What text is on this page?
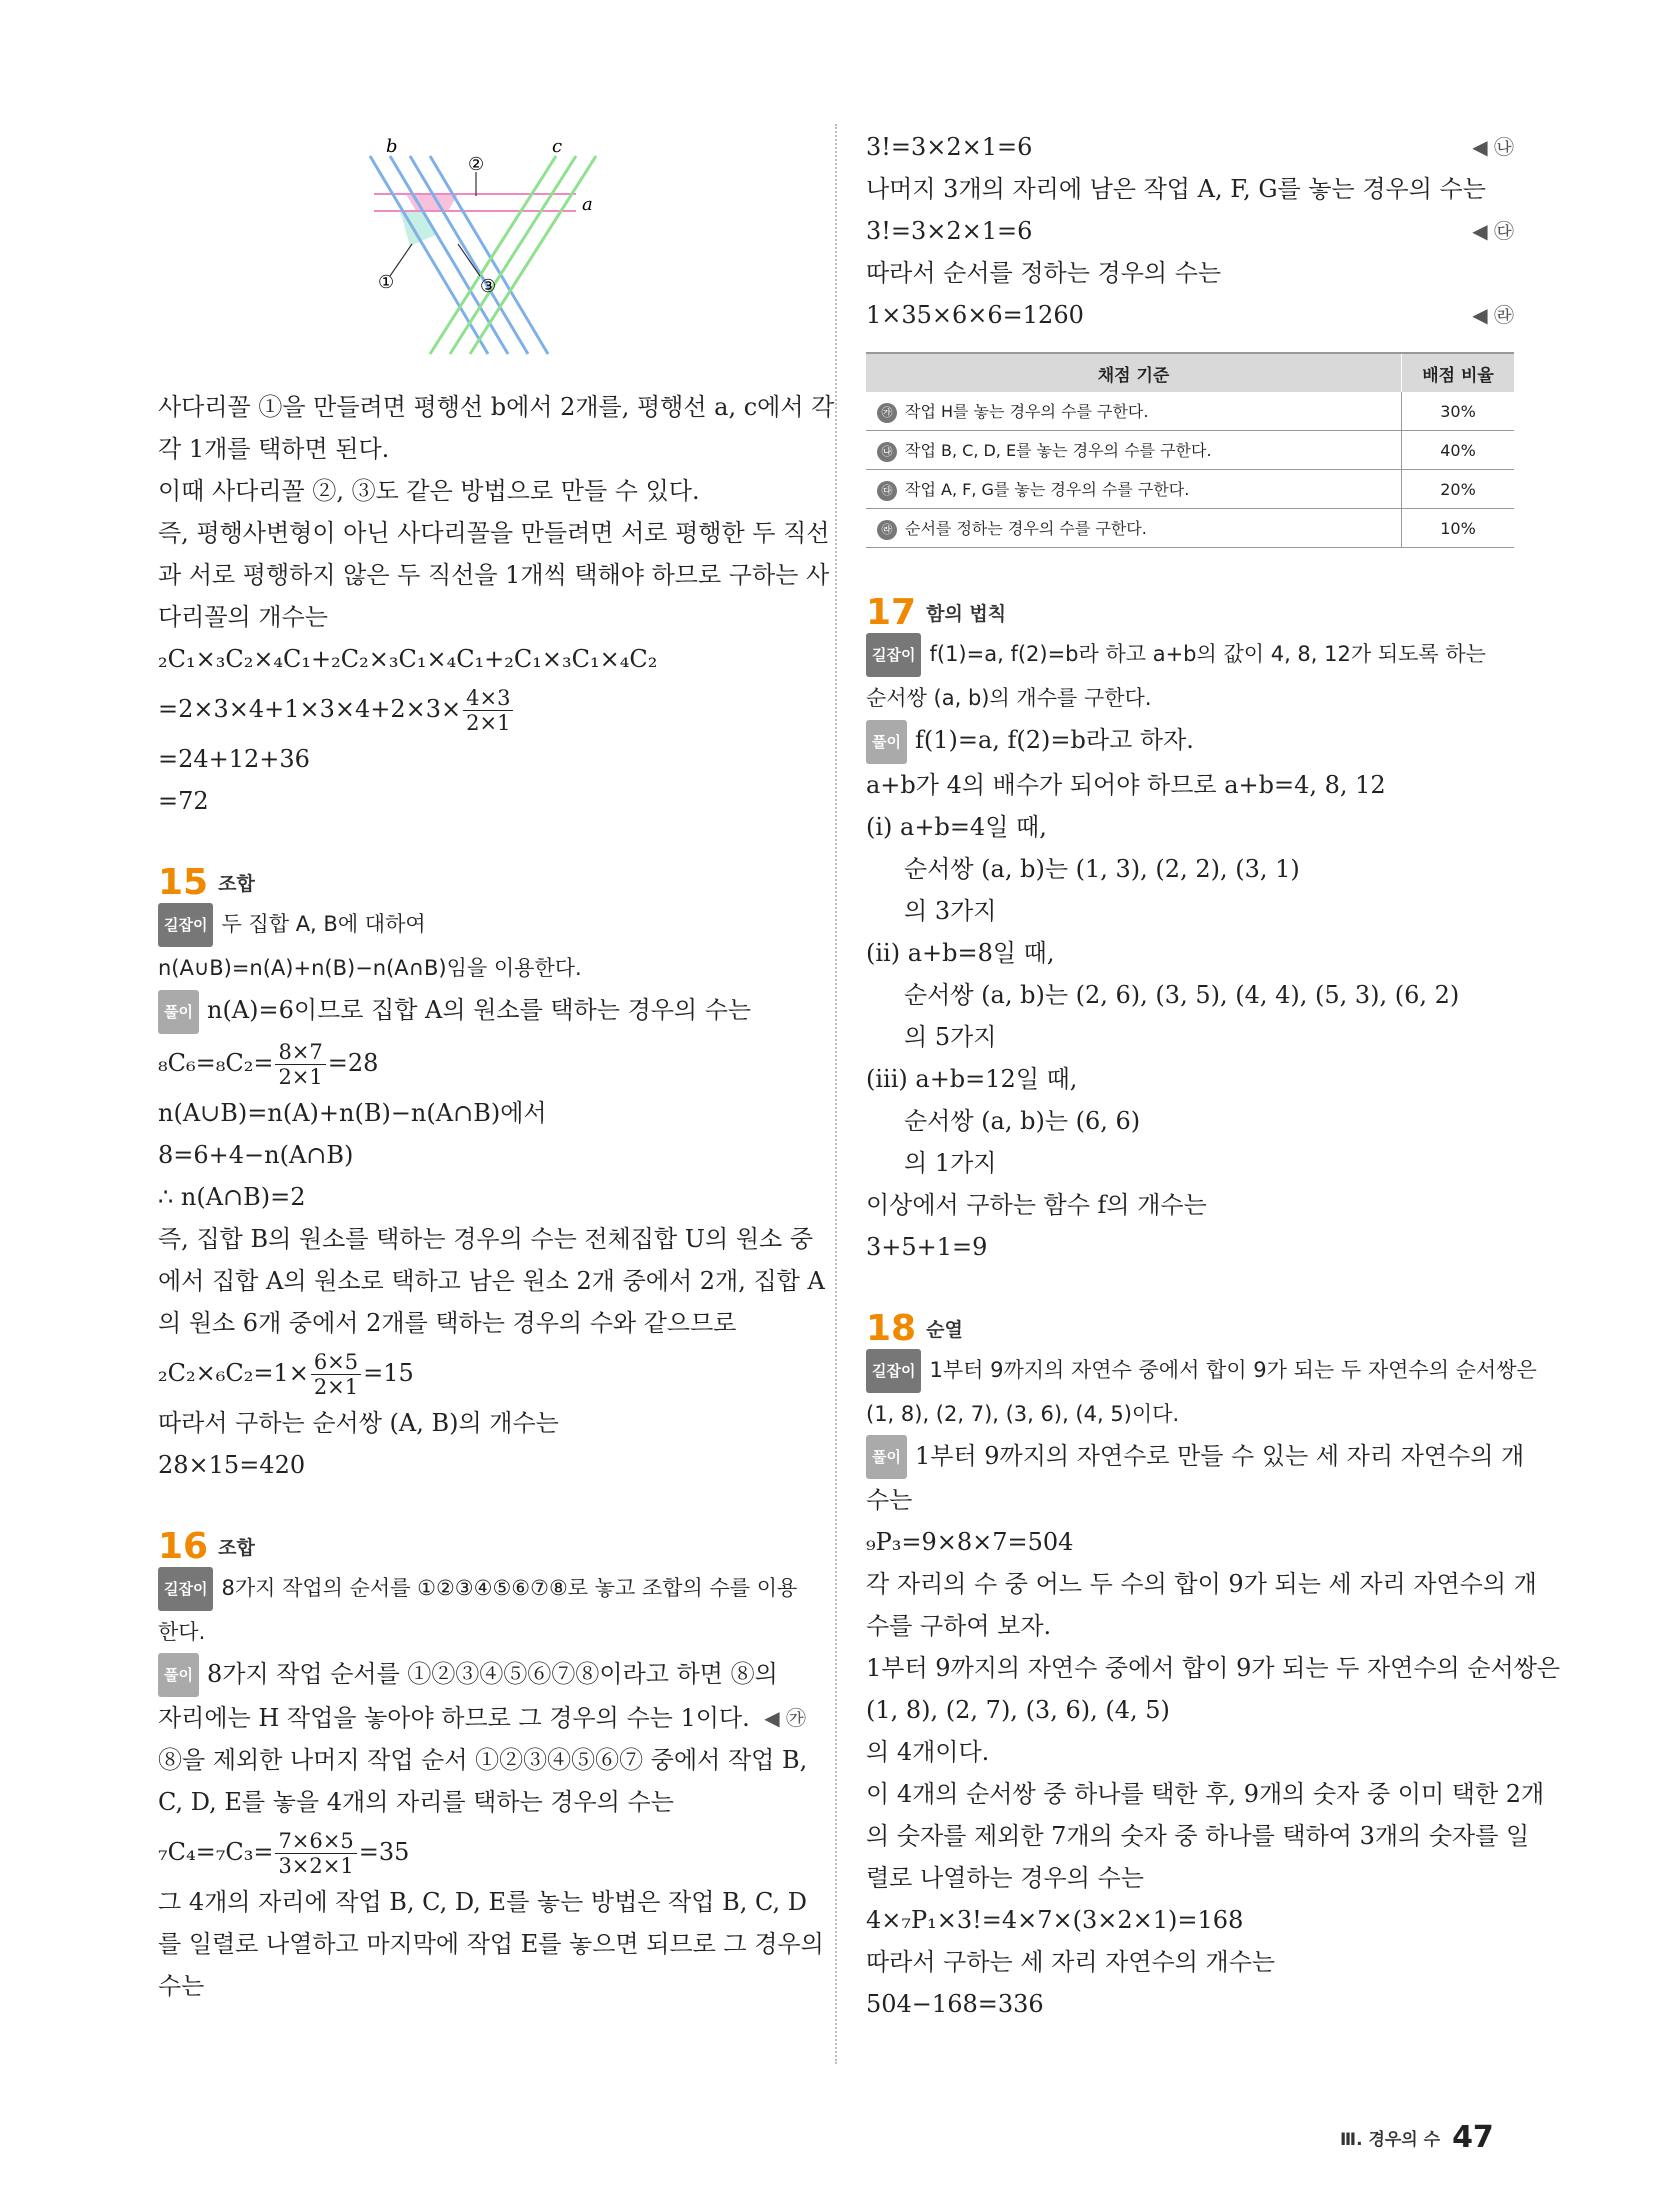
b	c
a
①
②
③
사다리꼴 ①을 만들려면 평행선 b에서 2개를, 평행선 a, c에서 각
각 1개를 택하면 된다.
이때 사다리꼴 ②, ③도 같은 방법으로 만들 수 있다.
즉, 평행사변형이 아닌 사다리꼴을 만들려면 서로 평행한 두 직선
과 서로 평행하지 않은 두 직선을 1개씩 택해야 하므로 구하는 사
다리꼴의 개수는
₂C₁×₃C₂×₄C₁+₂C₂×₃C₁×₄C₁+₂C₁×₃C₁×₄C₂
$=2\times 3\times 4+1\times 3\times 4+2\times 3\times \frac{4\times 3}{2\times 1}$
=24+12+36
=72
15 조합
길잡이 두 집합 A, B에 대하여
n(A∪B)=n(A)+n(B)−n(A∩B)임을 이용한다.
풀이 n(A)=6이므로 집합 A의 원소를 택하는 경우의 수는
$_8C_6=_8C_2= \frac{8\times 7}{2\times 1} =28$
n(A∪B)=n(A)+n(B)−n(A∩B)에서
8=6+4−n(A∩B)
∴ n(A∩B)=2
즉, 집합 B의 원소를 택하는 경우의 수는 전체집합 U의 원소 중
에서 집합 A의 원소로 택하고 남은 원소 2개 중에서 2개, 집합 A
의 원소 6개 중에서 2개를 택하는 경우의 수와 같으므로
$_2C_2\times_6C_2=1\times \frac{6\times 5}{2\times 1} =15$
따라서 구하는 순서쌍 (A, B)의 개수는
28×15=420
16 조합
길잡이 8가지 작업의 순서를 ①②③④⑤⑥⑦⑧로 놓고 조합의 수를 이용
한다.
풀이 8가지 작업 순서를 ①②③④⑤⑥⑦⑧이라고 하면 ⑧의
자리에는 H 작업을 놓아야 하므로 그 경우의 수는 1이다. ◀ ㉮
⑧을 제외한 나머지 작업 순서 ①②③④⑤⑥⑦ 중에서 작업 B,
C, D, E를 놓을 4개의 자리를 택하는 경우의 수는
$_7C_4=_7C_3= \frac{7\times 6\times 5}{3\times 2\times 1} =35$
그 4개의 자리에 작업 B, C, D, E를 놓는 방법은 작업 B, C, D
를 일렬로 나열하고 마지막에 작업 E를 놓으면 되므로 그 경우의
수는
3!=3×2×1=6	◀ ㉯
나머지 3개의 자리에 남은 작업 A, F, G를 놓는 경우의 수는
3!=3×2×1=6	◀ ㉰
따라서 순서를 정하는 경우의 수는
1×35×6×6=1260	◀ ㉱
채점 기준	배점 비율
㉮ 작업 H를 놓는 경우의 수를 구한다.	30%
㉯ 작업 B, C, D, E를 놓는 경우의 수를 구한다.	40%
㉰ 작업 A, F, G를 놓는 경우의 수를 구한다.	20%
㉱ 순서를 정하는 경우의 수를 구한다.	10%
17 함의 법칙
길잡이 f(1)=a, f(2)=b라 하고 a+b의 값이 4, 8, 12가 되도록 하는
순서쌍 (a, b)의 개수를 구한다.
풀이 f(1)=a, f(2)=b라고 하자.
a+b가 4의 배수가 되어야 하므로 a+b=4, 8, 12
(i) a+b=4일 때,
순서쌍 (a, b)는 (1, 3), (2, 2), (3, 1)
의 3가지
(ii) a+b=8일 때,
순서쌍 (a, b)는 (2, 6), (3, 5), (4, 4), (5, 3), (6, 2)
의 5가지
(iii) a+b=12일 때,
순서쌍 (a, b)는 (6, 6)
의 1가지
이상에서 구하는 함수 f의 개수는
3+5+1=9
18 순열
길잡이 1부터 9까지의 자연수 중에서 합이 9가 되는 두 자연수의 순서쌍은
(1, 8), (2, 7), (3, 6), (4, 5)이다.
풀이 1부터 9까지의 자연수로 만들 수 있는 세 자리 자연수의 개
수는
₉P₃=9×8×7=504
각 자리의 수 중 어느 두 수의 합이 9가 되는 세 자리 자연수의 개
수를 구하여 보자.
1부터 9까지의 자연수 중에서 합이 9가 되는 두 자연수의 순서쌍은
(1, 8), (2, 7), (3, 6), (4, 5)
의 4개이다.
이 4개의 순서쌍 중 하나를 택한 후, 9개의 숫자 중 이미 택한 2개
의 숫자를 제외한 7개의 숫자 중 하나를 택하여 3개의 숫자를 일
렬로 나열하는 경우의 수는
4×₇P₁×3!=4×7×(3×2×1)=168
따라서 구하는 세 자리 자연수의 개수는
504−168=336
Ⅲ. 경우의 수 47
